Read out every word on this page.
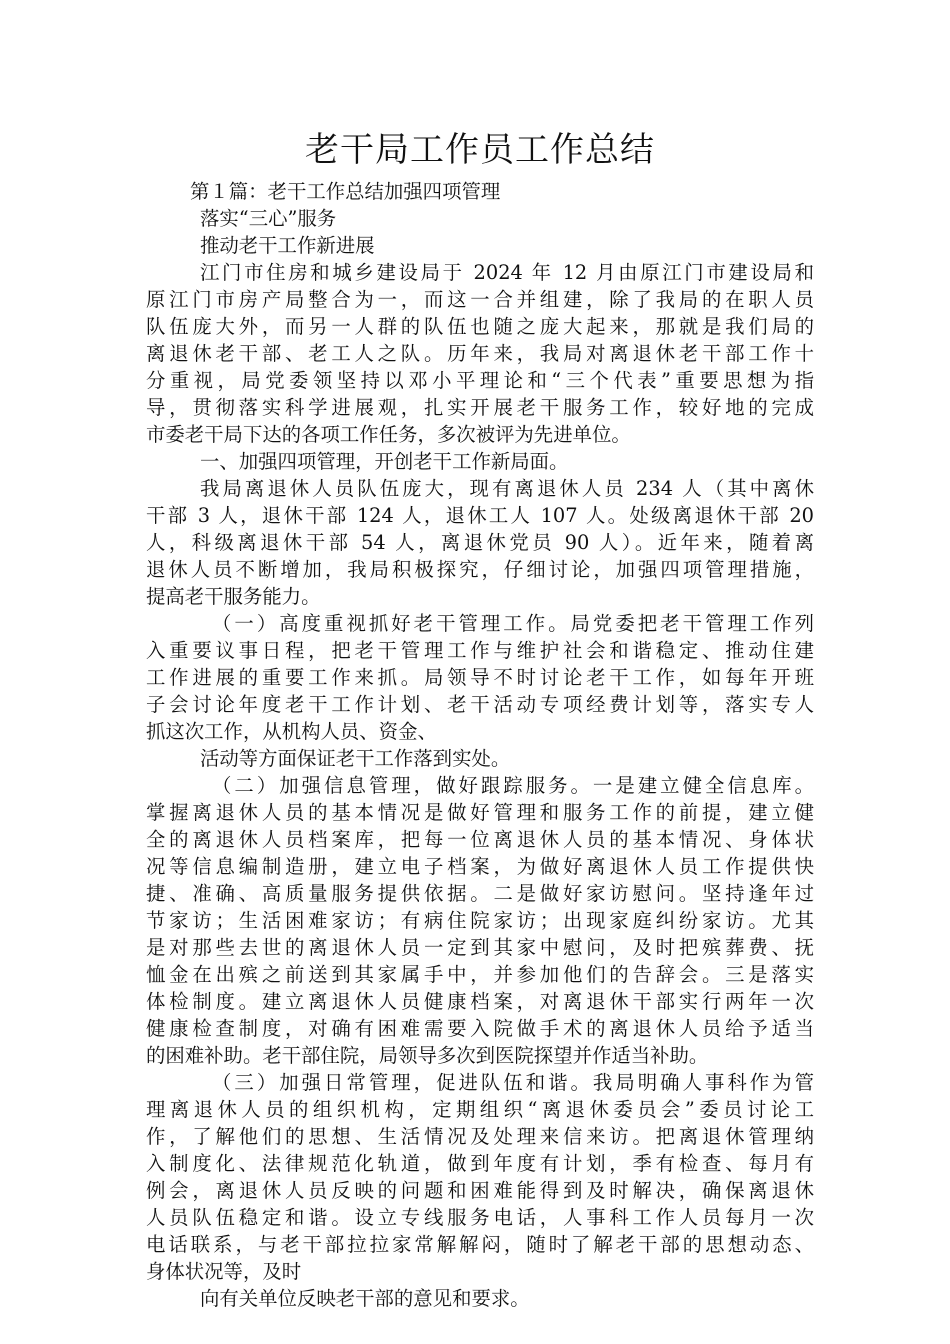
老干局工作员工作总结
第１篇：老干工作总结加强四项管理
落实“三心”服务
推动老干工作新进展
江门市住房和城乡建设局于 2024 年 12 月由原江门市建设局和
原江门市房产局整合为一，而这一合并组建，除了我局的在职人员
队伍庞大外，而另一人群的队伍也随之庞大起来，那就是我们局的
离退休老干部、老工人之队。历年来，我局对离退休老干部工作十
分重视，局党委领坚持以邓小平理论和“三个代表”重要思想为指
导，贯彻落实科学进展观，扎实开展老干服务工作，较好地的完成
市委老干局下达的各项工作任务，多次被评为先进单位。
一、加强四项管理，开创老干工作新局面。
我局离退休人员队伍庞大，现有离退休人员 234 人（其中离休
干部 3 人，退休干部 124 人，退休工人 107 人。处级离退休干部 20
人，科级离退休干部 54 人，离退休党员 90 人）。近年来，随着离
退休人员不断增加，我局积极探究，仔细讨论，加强四项管理措施，
提高老干服务能力。
（一）高度重视抓好老干管理工作。局党委把老干管理工作列
入重要议事日程，把老干管理工作与维护社会和谐稳定、推动住建
工作进展的重要工作来抓。局领导不时讨论老干工作，如每年开班
子会讨论年度老干工作计划、老干活动专项经费计划等，落实专人
抓这次工作，从机构人员、资金、
活动等方面保证老干工作落到实处。
（二）加强信息管理，做好跟踪服务。一是建立健全信息库。
掌握离退休人员的基本情况是做好管理和服务工作的前提，建立健
全的离退休人员档案库，把每一位离退休人员的基本情况、身体状
况等信息编制造册，建立电子档案，为做好离退休人员工作提供快
捷、准确、高质量服务提供依据。二是做好家访慰问。坚持逢年过
节家访；生活困难家访；有病住院家访；出现家庭纠纷家访。尤其
是对那些去世的离退休人员一定到其家中慰问，及时把殡葬费、抚
恤金在出殡之前送到其家属手中，并参加他们的告辞会。三是落实
体检制度。建立离退休人员健康档案，对离退休干部实行两年一次
健康检查制度，对确有困难需要入院做手术的离退休人员给予适当
的困难补助。老干部住院，局领导多次到医院探望并作适当补助。
（三）加强日常管理，促进队伍和谐。我局明确人事科作为管
理离退休人员的组织机构，定期组织“离退休委员会”委员讨论工
作，了解他们的思想、生活情况及处理来信来访。把离退休管理纳
入制度化、法律规范化轨道，做到年度有计划，季有检查、每月有
例会，离退休人员反映的问题和困难能得到及时解决，确保离退休
人员队伍稳定和谐。设立专线服务电话，人事科工作人员每月一次
电话联系，与老干部拉拉家常解解闷，随时了解老干部的思想动态、
身体状况等，及时
向有关单位反映老干部的意见和要求。
